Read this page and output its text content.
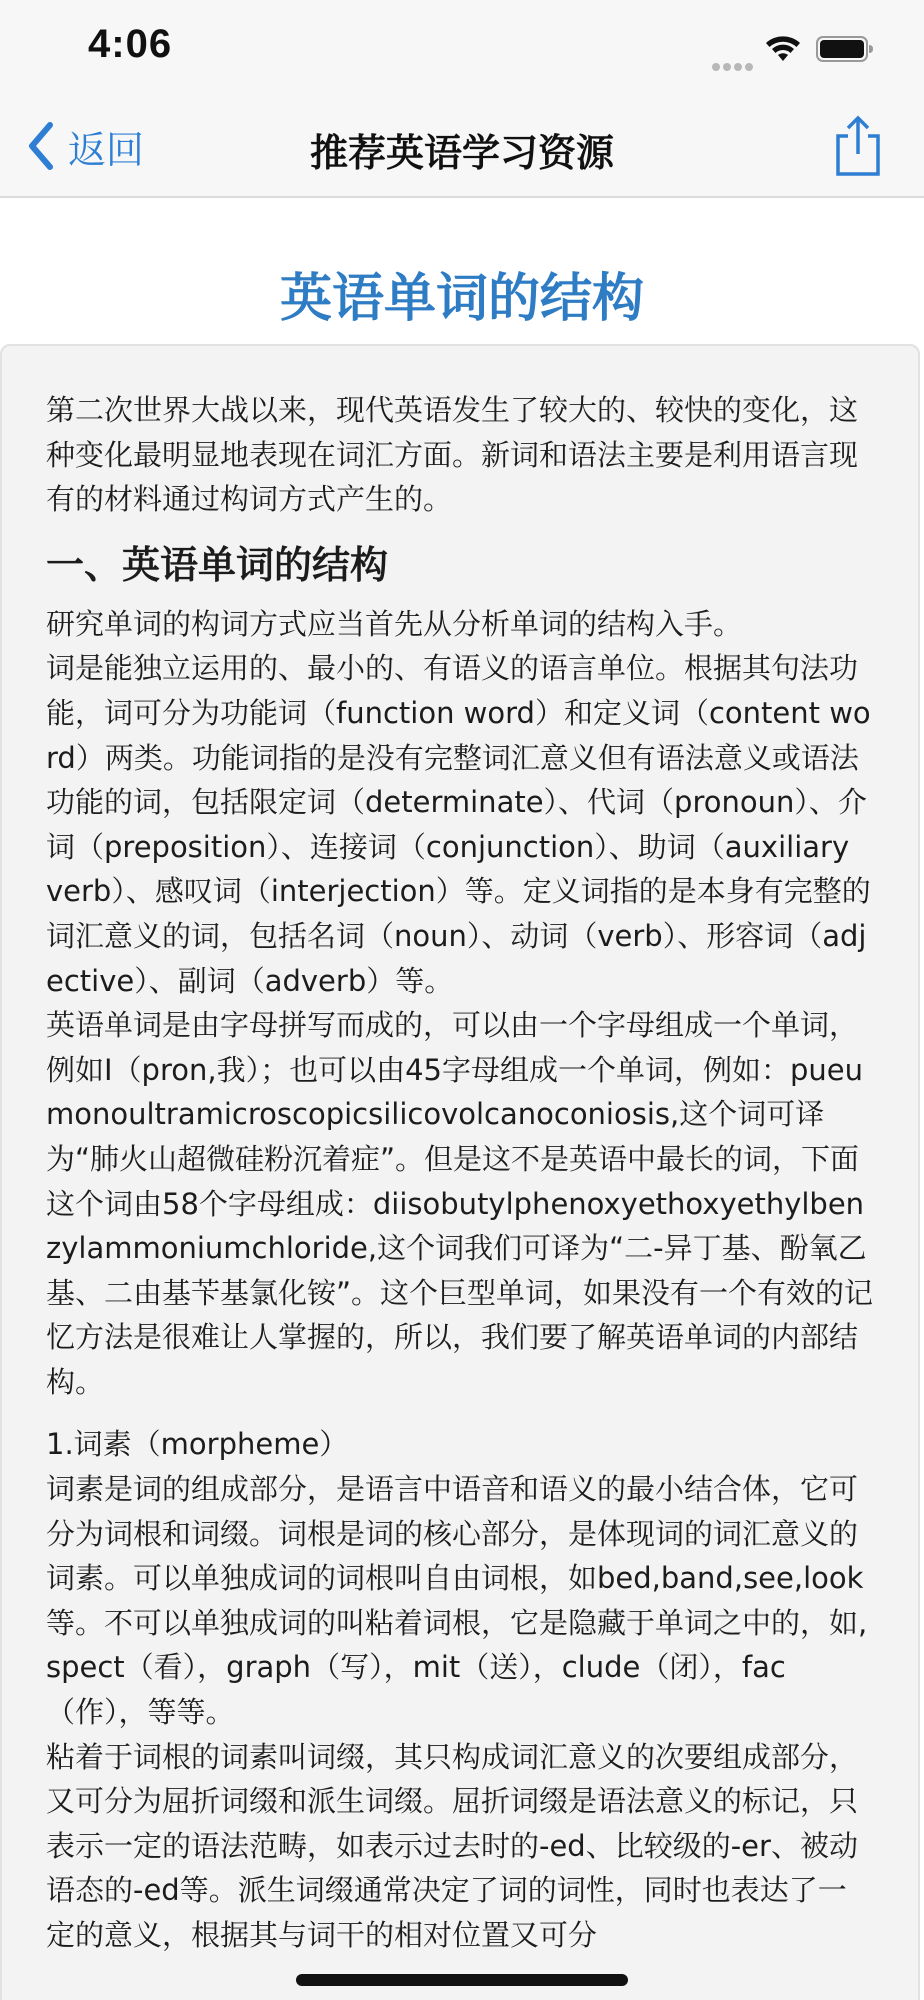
4:06
返回	推荐英语学习资源
英语单词的结构

第二次世界大战以来，现代英语发生了较大的、较快的变化，这种变化最明显地表现在词汇方面。新词和语法主要是利用语言现有的材料通过构词方式产生的。

一、英语单词的结构

研究单词的构词方式应当首先从分析单词的结构入手。

词是能独立运用的、最小的、有语义的语言单位。根据其句法功能，词可分为功能词（function word）和定义词（content word）两类。功能词指的是没有完整词汇意义但有语法意义或语法功能的词，包括限定词（determinate）、代词（pronoun）、介词（preposition）、连接词（conjunction）、助词（auxiliary verb）、感叹词（interjection）等。定义词指的是本身有完整的词汇意义的词，包括名词（noun）、动词（verb）、形容词（adjective）、副词（adverb）等。

英语单词是由字母拼写而成的，可以由一个字母组成一个单词，例如I（pron,我）；也可以由45字母组成一个单词，例如：pueumonoultramicroscopicsilicovolcanoconiosis,这个词可译为“肺火山超微硅粉沉着症”。但是这不是英语中最长的词，下面这个词由58个字母组成：diisobutylphenoxyethoxyethylbenzylammoniumchloride,这个词我们可译为“二-异丁基、酚氧乙基、二由基苄基氯化铵”。这个巨型单词，如果没有一个有效的记忆方法是很难让人掌握的，所以，我们要了解英语单词的内部结构。

1.词素（morpheme）

词素是词的组成部分，是语言中语音和语义的最小结合体，它可分为词根和词缀。词根是词的核心部分，是体现词的词汇意义的词素。可以单独成词的词根叫自由词根，如bed,band,see,look等。不可以单独成词的叫粘着词根，它是隐藏于单词之中的，如,spect（看），graph（写），mit（送），clude（闭），fac（作），等等。

粘着于词根的词素叫词缀，其只构成词汇意义的次要组成部分，又可分为屈折词缀和派生词缀。屈折词缀是语法意义的标记，只表示一定的语法范畴，如表示过去时的-ed、比较级的-er、被动语态的-ed等。派生词缀通常决定了词的词性，同时也表达了一定的意义，根据其与词干的相对位置又可分
